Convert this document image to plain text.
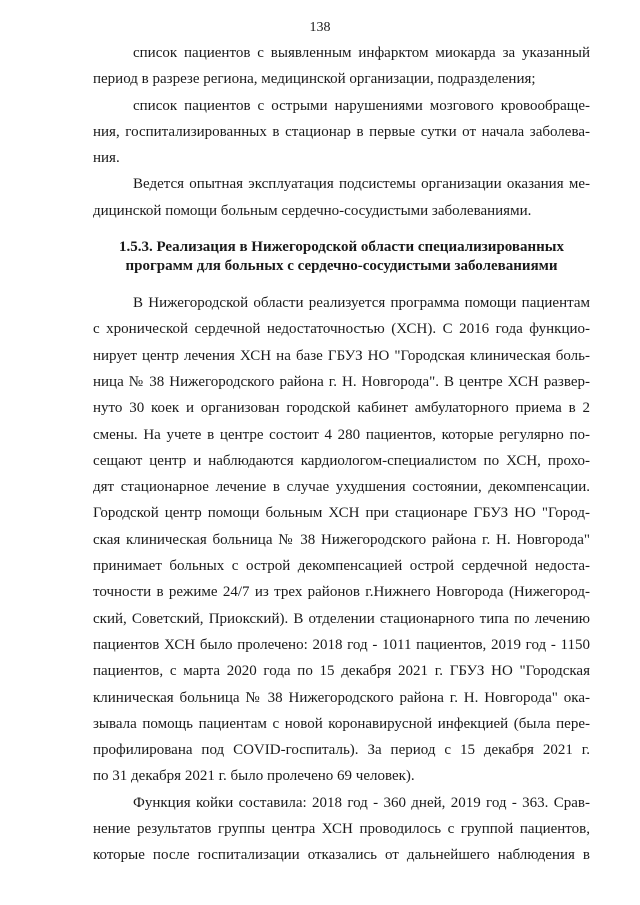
138

список пациентов с выявленным инфарктом миокарда за указанный
период в разрезе региона, медицинской организации, подразделения;

список пациентов с острыми нарушениями мозгового кровообраще-
ния, госпитализированных в стационар в первые сутки от начала заболева-
ния.

Ведется опытная эксплуатация подсистемы организации оказания ме-
дицинской помощи больным сердечно-сосудистыми заболеваниями.

1.5.3. Реализация в Нижегородской области специализированных
программ для больных с сердечно-сосудистыми заболеваниями

В Нижегородской области реализуется программа помощи пациентам
с хронической сердечной недостаточностью (ХСН). С 2016 года функцио-
нирует центр лечения ХСН на базе ГБУЗ НО "Городская клиническая боль-
ница № 38 Нижегородского района г. Н. Новгорода". В центре ХСН развер-
нуто 30 коек и организован городской кабинет амбулаторного приема в 2
смены. На учете в центре состоит 4 280 пациентов, которые регулярно по-
сещают центр и наблюдаются кардиологом-специалистом по ХСН, прохо-
дят стационарное лечение в случае ухудшения состоянии, декомпенсации.
Городской центр помощи больным ХСН при стационаре ГБУЗ НО "Город-
ская клиническая больница № 38 Нижегородского района г. Н. Новгорода"
принимает больных с острой декомпенсацией острой сердечной недоста-
точности в режиме 24/7 из трех районов г.Нижнего Новгорода (Нижегород-
ский, Советский, Приокский). В отделении стационарного типа по лечению
пациентов ХСН было пролечено: 2018 год - 1011 пациентов, 2019 год - 1150
пациентов, с марта 2020 года по 15 декабря 2021 г. ГБУЗ НО "Городская
клиническая больница № 38 Нижегородского района г. Н. Новгорода" ока-
зывала помощь пациентам с новой коронавирусной инфекцией (была пере-
профилирована под COVID-госпиталь). За период с 15 декабря 2021 г.
по 31 декабря 2021 г. было пролечено 69 человек).

Функция койки составила: 2018 год - 360 дней, 2019 год - 363. Срав-
нение результатов группы центра ХСН проводилось с группой пациентов,
которые после госпитализации отказались от дальнейшего наблюдения в
